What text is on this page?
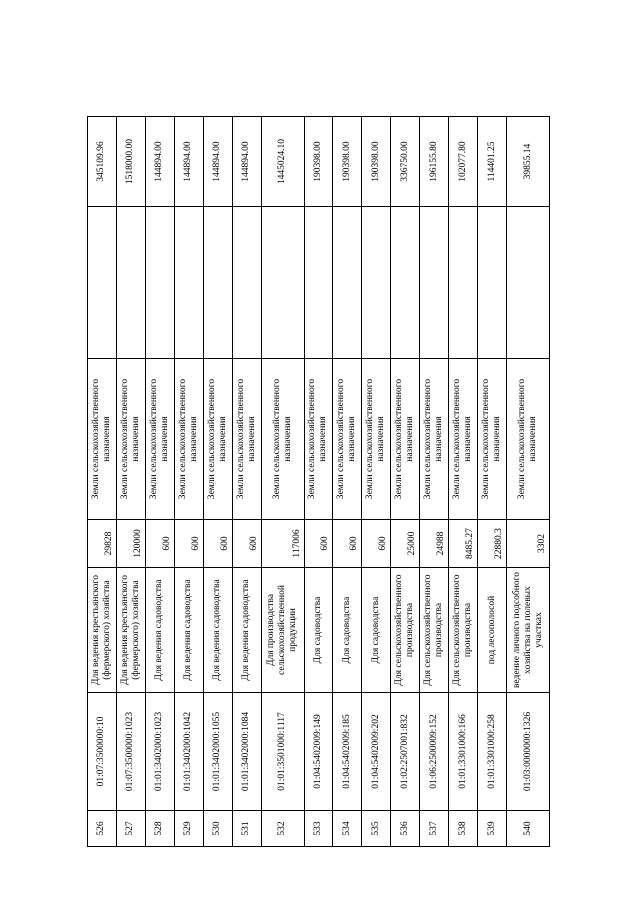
526	01:07:3500000:10	Для ведения крестьянского (фермерского) хозяйства	29828	Земли сельскохозяйственного назначения		345109.96
527	01:07:3500000:1023	Для ведения крестьянского (фермерского) хозяйства	120000	Земли сельскохозяйственного назначения		1518000.00
528	01:01:3402000:1023	Для ведения садоводства	600	Земли сельскохозяйственного назначения		144894.00
529	01:01:3402000:1042	Для ведения садоводства	600	Земли сельскохозяйственного назначения		144894.00
530	01:01:3402000:1055	Для ведения садоводства	600	Земли сельскохозяйственного назначения		144894.00
531	01:01:3402000:1084	Для ведения садоводства	600	Земли сельскохозяйственного назначения		144894.00
532	01:01:3501000:1117	Для производства сельскохозяйственной продукции	117006	Земли сельскохозяйственного назначения		1445024.10
533	01:04:5402009:149	Для садоводства	600	Земли сельскохозяйственного назначения		190398.00
534	01:04:5402009:185	Для садоводства	600	Земли сельскохозяйственного назначения		190398.00
535	01:04:5402009:202	Для садоводства	600	Земли сельскохозяйственного назначения		190398.00
536	01:02:2507001:832	Для сельскохозяйственного производства	25000	Земли сельскохозяйственного назначения		336750.00
537	01:06:2500009:152	Для сельскохозяйственного производства	24988	Земли сельскохозяйственного назначения		196155.80
538	01:01:3301000:166	Для сельскохозяйственного производства	8485.27	Земли сельскохозяйственного назначения		102077.80
539	01:01:3301000:258	под лесополосой	22880.3	Земли сельскохозяйственного назначения		114401.25
540	01:03:0000000:1326	ведение личного подсобного хозяйства на полевых участках	3302	Земли сельскохозяйственного назначения		39855.14
